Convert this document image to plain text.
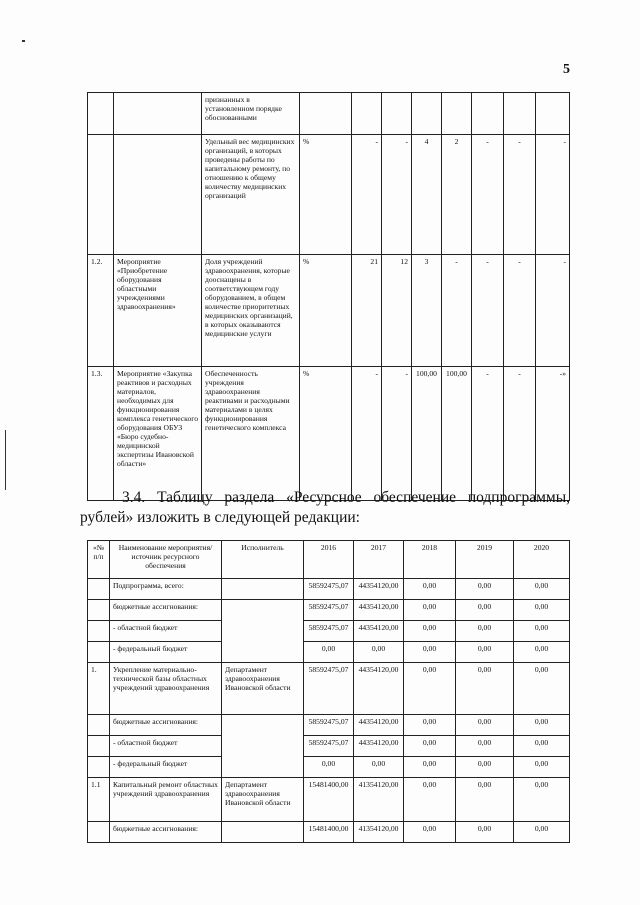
5
		признанных в установленном порядке обоснованными								
		Удельный вес медицинских организаций, в которых проведены работы по капитальному ремонту, по отношению к общему количеству медицинских организаций	%	-	-	4	2	-	-	-
1.2.	Мероприятие «Приобретение оборудования областными учреждениями здравоохранения»	Доля учреждений здравоохранения, которые дооснащены в соответствующем году оборудованием, в общем количестве приоритетных медицинских организаций, в которых оказываются медицинские услуги	%	21	12	3	-	-	-	-
1.3.	Мероприятие «Закупка реактивов и расходных материалов, необходимых для функционирования комплекса генетического оборудования ОБУЗ «Бюро судебно-медицинской экспертизы Ивановской области»	Обеспеченность учреждения здравоохранения реактивами и расходными материалами в целях функционирования генетического комплекса	%	-	-	100,00	100,00	-	-	-»
3.4. Таблицу раздела «Ресурсное обеспечение подпрограммы,
рублей» изложить в следующей редакции:
«№ п/п	Наименование мероприятия/источник ресурсного обеспечения	Исполнитель	2016	2017	2018	2019	2020
	Подпрограмма, всего:		58592475,07	44354120,00	0,00	0,00	0,00
	бюджетные ассигнования:		58592475,07	44354120,00	0,00	0,00	0,00
	- областной бюджет		58592475,07	44354120,00	0,00	0,00	0,00
	- федеральный бюджет		0,00	0,00	0,00	0,00	0,00
1.	Укрепление материально-технической базы областных учреждений здравоохранения	Департамент здравоохранения Ивановской области	58592475,07	44354120,00	0,00	0,00	0,00
	бюджетные ассигнования:		58592475,07	44354120,00	0,00	0,00	0,00
	- областной бюджет		58592475,07	44354120,00	0,00	0,00	0,00
	- федеральный бюджет		0,00	0,00	0,00	0,00	0,00
1.1	Капитальный ремонт областных учреждений здравоохранения	Департамент здравоохранения Ивановской области	15481400,00	41354120,00	0,00	0,00	0,00
	бюджетные ассигнования:		15481400,00	41354120,00	0,00	0,00	0,00
